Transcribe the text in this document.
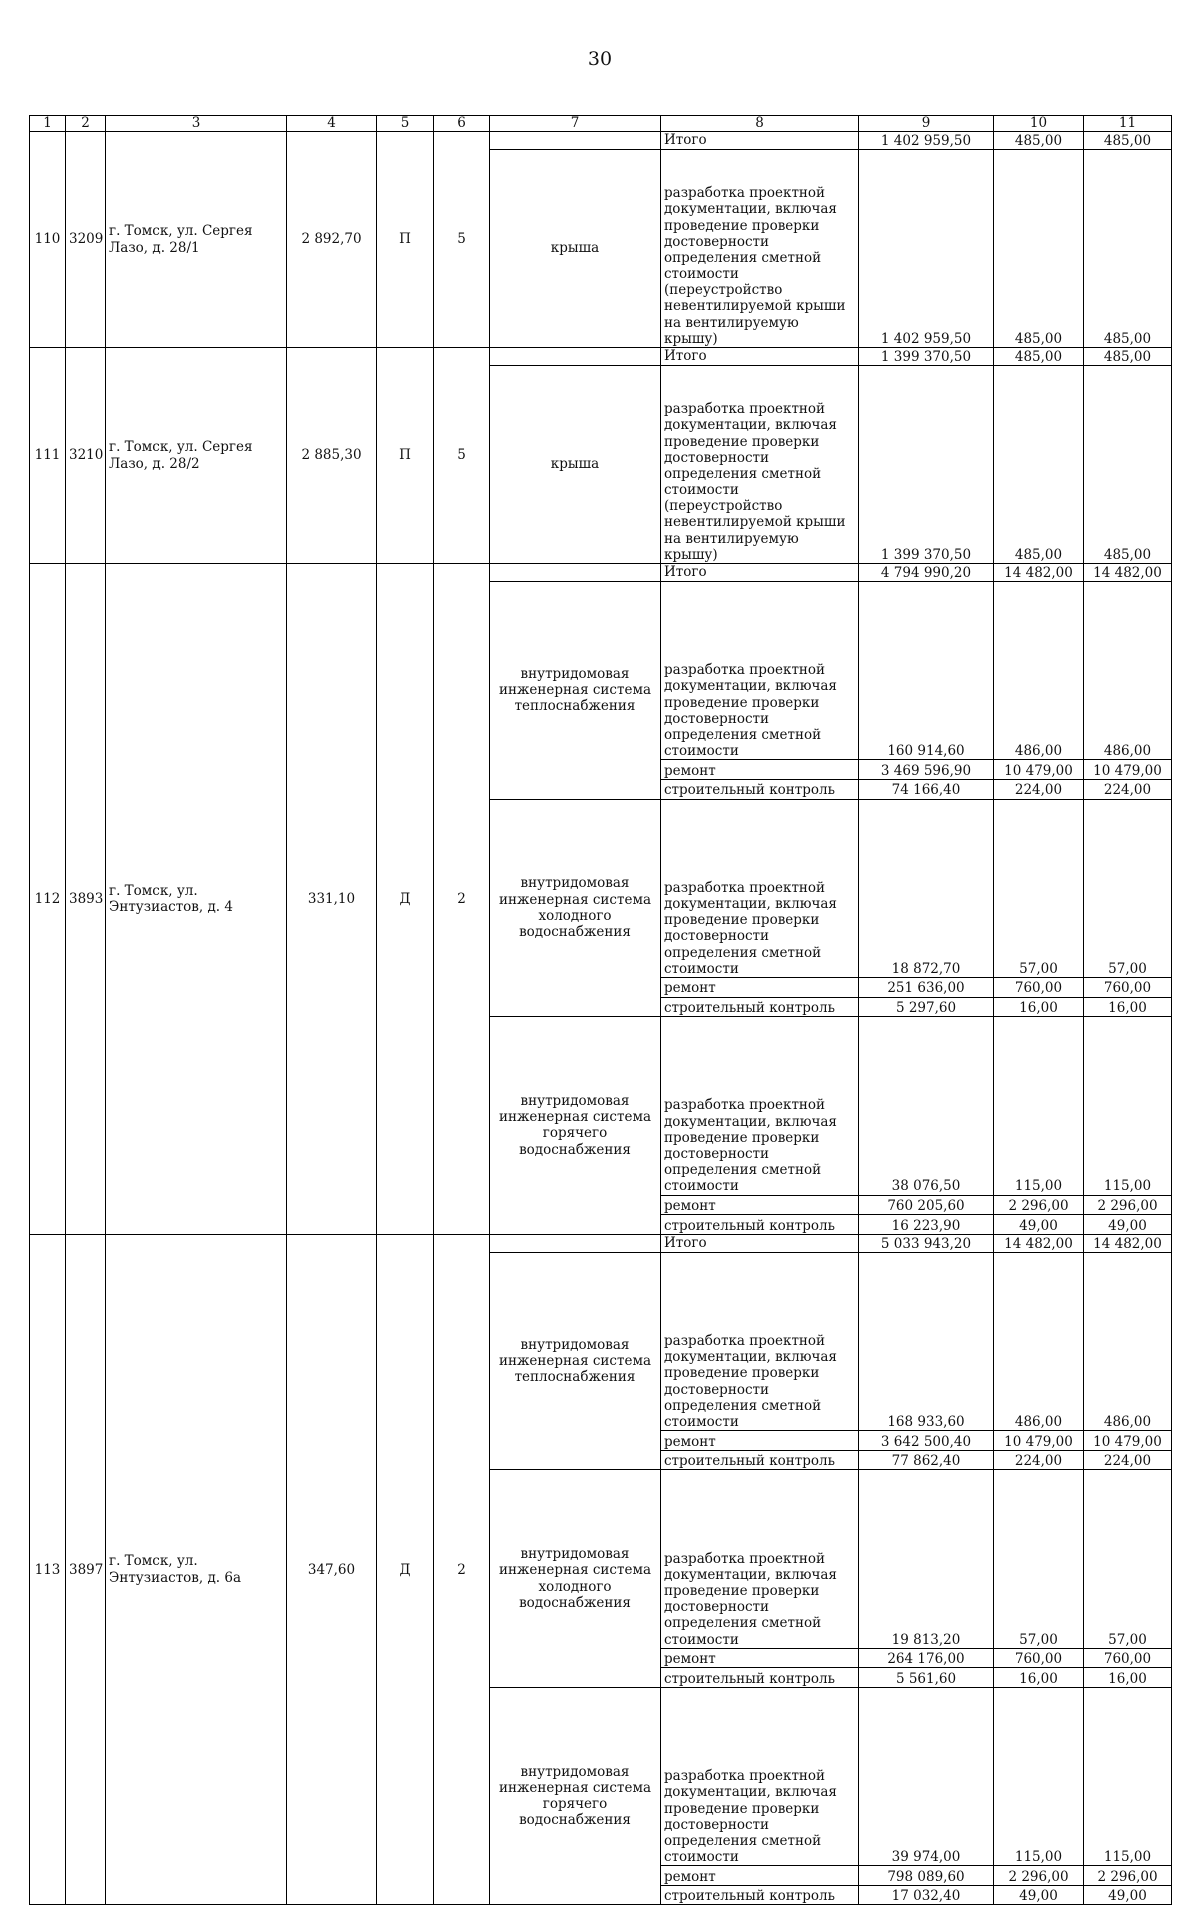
30
1	2	3	4	5	6	7	8	9	10	11
110	3209	г. Томск, ул. Сергея Лазо, д. 28/1	2 892,70	П	5		Итого	1 402 959,50	485,00	485,00
						крыша	разработка проектной документации, включая проведение проверки достоверности определения сметной стоимости (переустройство невентилируемой крыши на вентилируемую крышу)	1 402 959,50	485,00	485,00
111	3210	г. Томск, ул. Сергея Лазо, д. 28/2	2 885,30	П	5		Итого	1 399 370,50	485,00	485,00
						крыша	разработка проектной документации, включая проведение проверки достоверности определения сметной стоимости (переустройство невентилируемой крыши на вентилируемую крышу)	1 399 370,50	485,00	485,00
112	3893	г. Томск, ул. Энтузиастов, д. 4	331,10	Д	2		Итого	4 794 990,20	14 482,00	14 482,00
						внутридомовая инженерная система теплоснабжения	разработка проектной документации, включая проведение проверки достоверности определения сметной стоимости	160 914,60	486,00	486,00
							ремонт	3 469 596,90	10 479,00	10 479,00
							строительный контроль	74 166,40	224,00	224,00
						внутридомовая инженерная система холодного водоснабжения	разработка проектной документации, включая проведение проверки достоверности определения сметной стоимости	18 872,70	57,00	57,00
							ремонт	251 636,00	760,00	760,00
							строительный контроль	5 297,60	16,00	16,00
						внутридомовая инженерная система горячего водоснабжения	разработка проектной документации, включая проведение проверки достоверности определения сметной стоимости	38 076,50	115,00	115,00
							ремонт	760 205,60	2 296,00	2 296,00
							строительный контроль	16 223,90	49,00	49,00
113	3897	г. Томск, ул. Энтузиастов, д. 6а	347,60	Д	2		Итого	5 033 943,20	14 482,00	14 482,00
						внутридомовая инженерная система теплоснабжения	разработка проектной документации, включая проведение проверки достоверности определения сметной стоимости	168 933,60	486,00	486,00
							ремонт	3 642 500,40	10 479,00	10 479,00
							строительный контроль	77 862,40	224,00	224,00
						внутридомовая инженерная система холодного водоснабжения	разработка проектной документации, включая проведение проверки достоверности определения сметной стоимости	19 813,20	57,00	57,00
							ремонт	264 176,00	760,00	760,00
							строительный контроль	5 561,60	16,00	16,00
						внутридомовая инженерная система горячего водоснабжения	разработка проектной документации, включая проведение проверки достоверности определения сметной стоимости	39 974,00	115,00	115,00
							ремонт	798 089,60	2 296,00	2 296,00
							строительный контроль	17 032,40	49,00	49,00
